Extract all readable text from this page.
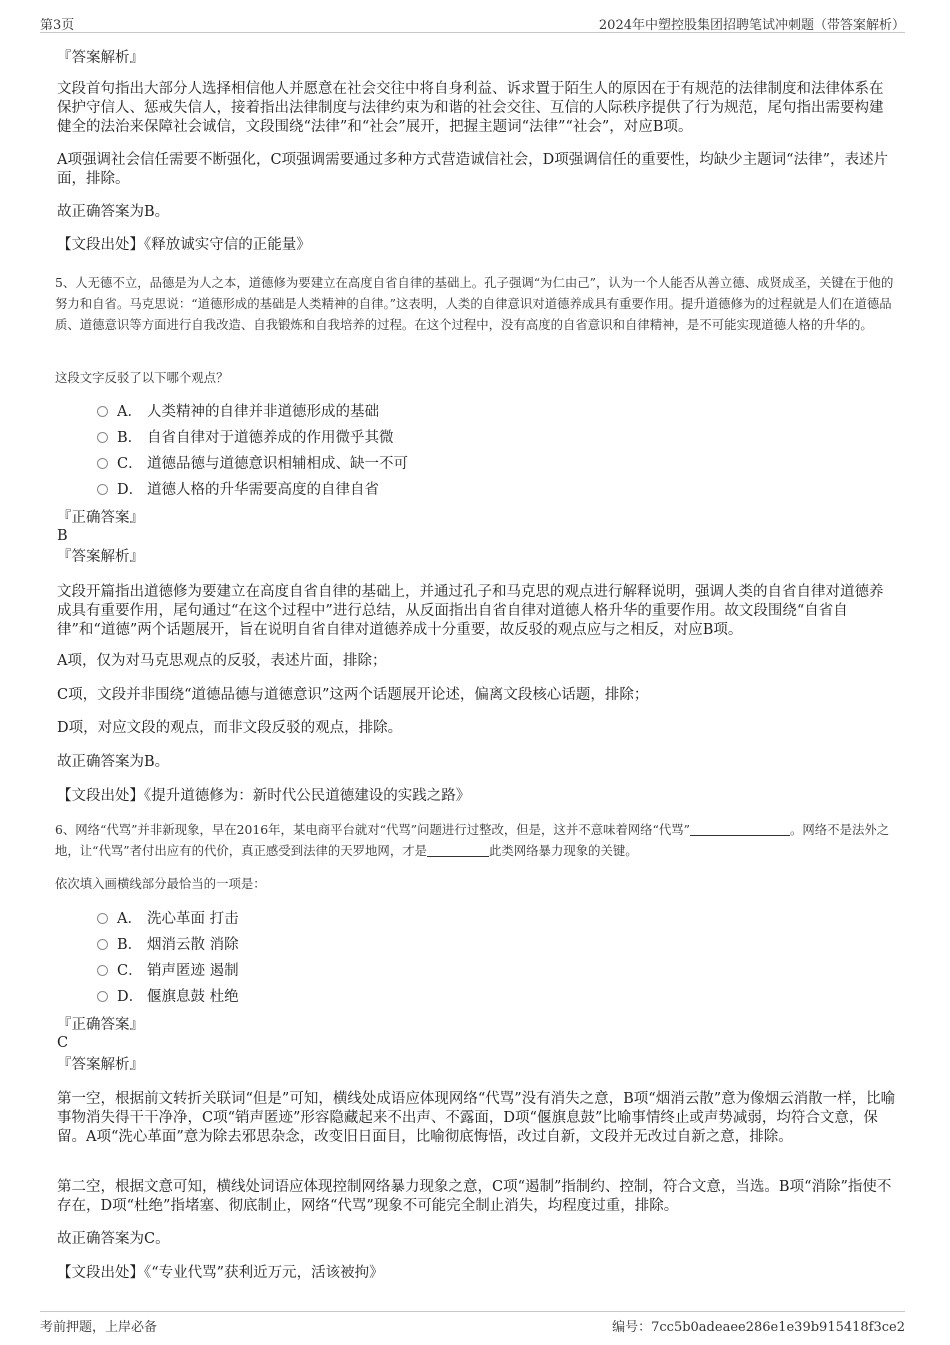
第3页	2024年中塑控股集团招聘笔试冲刺题（带答案解析）
『答案解析』

文段首句指出大部分人选择相信他人并愿意在社会交往中将自身利益、诉求置于陌生人的原因在于有规范的法律制度和法律体系在保护守信人、惩戒失信人，接着指出法律制度与法律约束为和谐的社会交往、互信的人际秩序提供了行为规范，尾句指出需要构建健全的法治来保障社会诚信，文段围绕“法律”和“社会”展开，把握主题词“法律”“社会”，对应B项。

A项强调社会信任需要不断强化，C项强调需要通过多种方式营造诚信社会，D项强调信任的重要性，均缺少主题词“法律”，表述片面，排除。

故正确答案为B。

【文段出处】《释放诚实守信的正能量》

5、人无德不立，品德是为人之本，道德修为要建立在高度自省自律的基础上。孔子强调“为仁由己”，认为一个人能否从善立德、成贤成圣，关键在于他的努力和自省。马克思说：“道德形成的基础是人类精神的自律。”这表明，人类的自律意识对道德养成具有重要作用。提升道德修为的过程就是人们在道德品质、道德意识等方面进行自我改造、自我锻炼和自我培养的过程。在这个过程中，没有高度的自省意识和自律精神，是不可能实现道德人格的升华的。

这段文字反驳了以下哪个观点？

A． 人类精神的自律并非道德形成的基础
B． 自省自律对于道德养成的作用微乎其微
C． 道德品德与道德意识相辅相成、缺一不可
D． 道德人格的升华需要高度的自律自省
『正确答案』
B
『答案解析』

文段开篇指出道德修为要建立在高度自省自律的基础上，并通过孔子和马克思的观点进行解释说明，强调人类的自省自律对道德养成具有重要作用，尾句通过“在这个过程中”进行总结，从反面指出自省自律对道德人格升华的重要作用。故文段围绕“自省自律”和“道德”两个话题展开，旨在说明自省自律对道德养成十分重要，故反驳的观点应与之相反，对应B项。

A项，仅为对马克思观点的反驳，表述片面，排除；

C项，文段并非围绕“道德品德与道德意识”这两个话题展开论述，偏离文段核心话题，排除；

D项，对应文段的观点，而非文段反驳的观点，排除。

故正确答案为B。

【文段出处】《提升道德修为：新时代公民道德建设的实践之路》

6、网络“代骂”并非新现象，早在2016年，某电商平台就对“代骂”问题进行过整改，但是，这并不意味着网络“代骂”	。网络不是法外之地，让“代骂”者付出应有的代价，真正感受到法律的天罗地网，才是	此类网络暴力现象的关键。

依次填入画横线部分最恰当的一项是：

A． 洗心革面 打击
B． 烟消云散 消除
C． 销声匿迹 遏制
D． 偃旗息鼓 杜绝
『正确答案』
C
『答案解析』

第一空，根据前文转折关联词“但是”可知，横线处成语应体现网络“代骂”没有消失之意，B项“烟消云散”意为像烟云消散一样，比喻事物消失得干干净净，C项“销声匿迹”形容隐藏起来不出声、不露面，D项“偃旗息鼓”比喻事情终止或声势减弱，均符合文意，保留。A项“洗心革面”意为除去邪思杂念，改变旧日面目，比喻彻底悔悟，改过自新，文段并无改过自新之意，排除。

第二空，根据文意可知，横线处词语应体现控制网络暴力现象之意，C项“遏制”指制约、控制，符合文意，当选。B项“消除”指使不存在，D项“杜绝”指堵塞、彻底制止，网络“代骂”现象不可能完全制止消失，均程度过重，排除。

故正确答案为C。

【文段出处】《“专业代骂”获利近万元，活该被拘》

考前押题，上岸必备	编号：7cc5b0adeaee286e1e39b915418f3ce2
